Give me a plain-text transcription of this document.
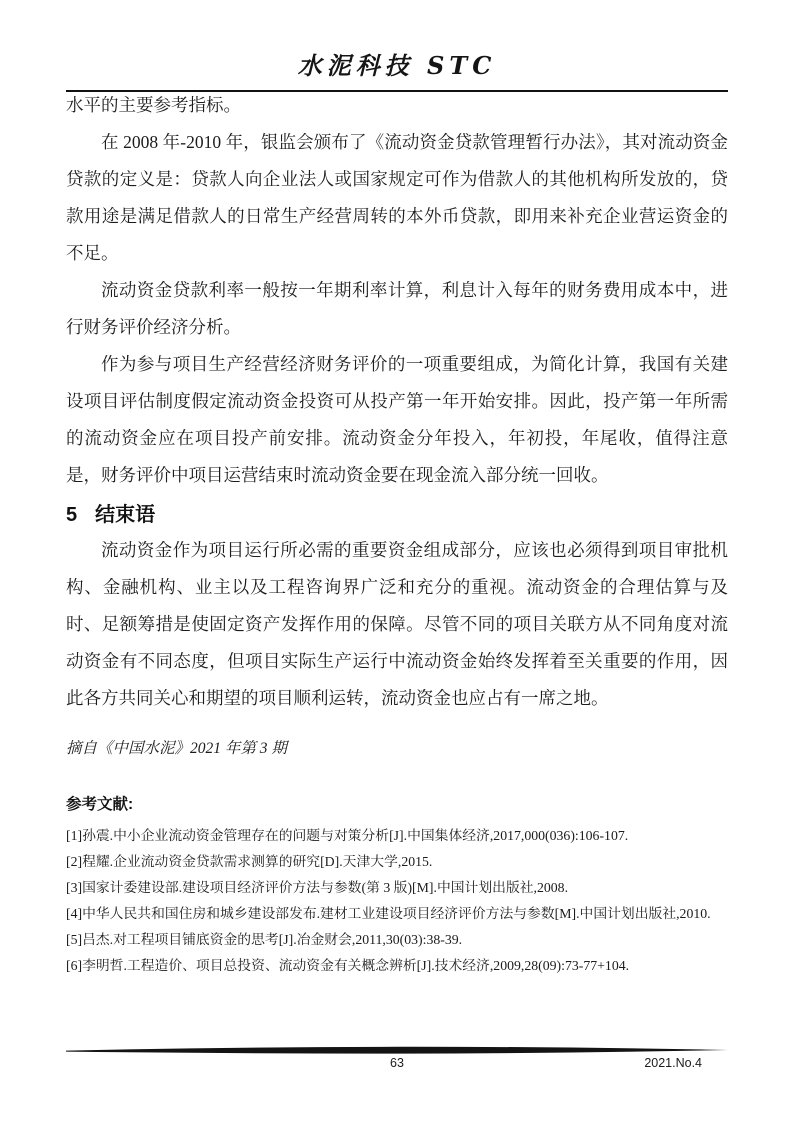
水泥科技 STC

水平的主要参考指标。

在 2008 年-2010 年，银监会颁布了《流动资金贷款管理暂行办法》，其对流动资金贷款的定义是：贷款人向企业法人或国家规定可作为借款人的其他机构所发放的，贷款用途是满足借款人的日常生产经营周转的本外币贷款，即用来补充企业营运资金的不足。

流动资金贷款利率一般按一年期利率计算，利息计入每年的财务费用成本中，进行财务评价经济分析。

作为参与项目生产经营经济财务评价的一项重要组成，为简化计算，我国有关建设项目评估制度假定流动资金投资可从投产第一年开始安排。因此，投产第一年所需的流动资金应在项目投产前安排。流动资金分年投入，年初投，年尾收，值得注意是，财务评价中项目运营结束时流动资金要在现金流入部分统一回收。

5 结束语

流动资金作为项目运行所必需的重要资金组成部分，应该也必须得到项目审批机构、金融机构、业主以及工程咨询界广泛和充分的重视。流动资金的合理估算与及时、足额筹措是使固定资产发挥作用的保障。尽管不同的项目关联方从不同角度对流动资金有不同态度，但项目实际生产运行中流动资金始终发挥着至关重要的作用，因此各方共同关心和期望的项目顺利运转，流动资金也应占有一席之地。

摘自《中国水泥》2021 年第 3 期

参考文献:

[1]孙震.中小企业流动资金管理存在的问题与对策分析[J].中国集体经济,2017,000(036):106-107.

[2]程耀.企业流动资金贷款需求测算的研究[D].天津大学,2015.

[3]国家计委建设部.建设项目经济评价方法与参数(第 3 版)[M].中国计划出版社,2008.

[4]中华人民共和国住房和城乡建设部发布.建材工业建设项目经济评价方法与参数[M].中国计划出版社,2010.

[5]吕杰.对工程项目铺底资金的思考[J].冶金财会,2011,30(03):38-39.

[6]李明哲.工程造价、项目总投资、流动资金有关概念辨析[J].技术经济,2009,28(09):73-77+104.

63	2021.No.4
